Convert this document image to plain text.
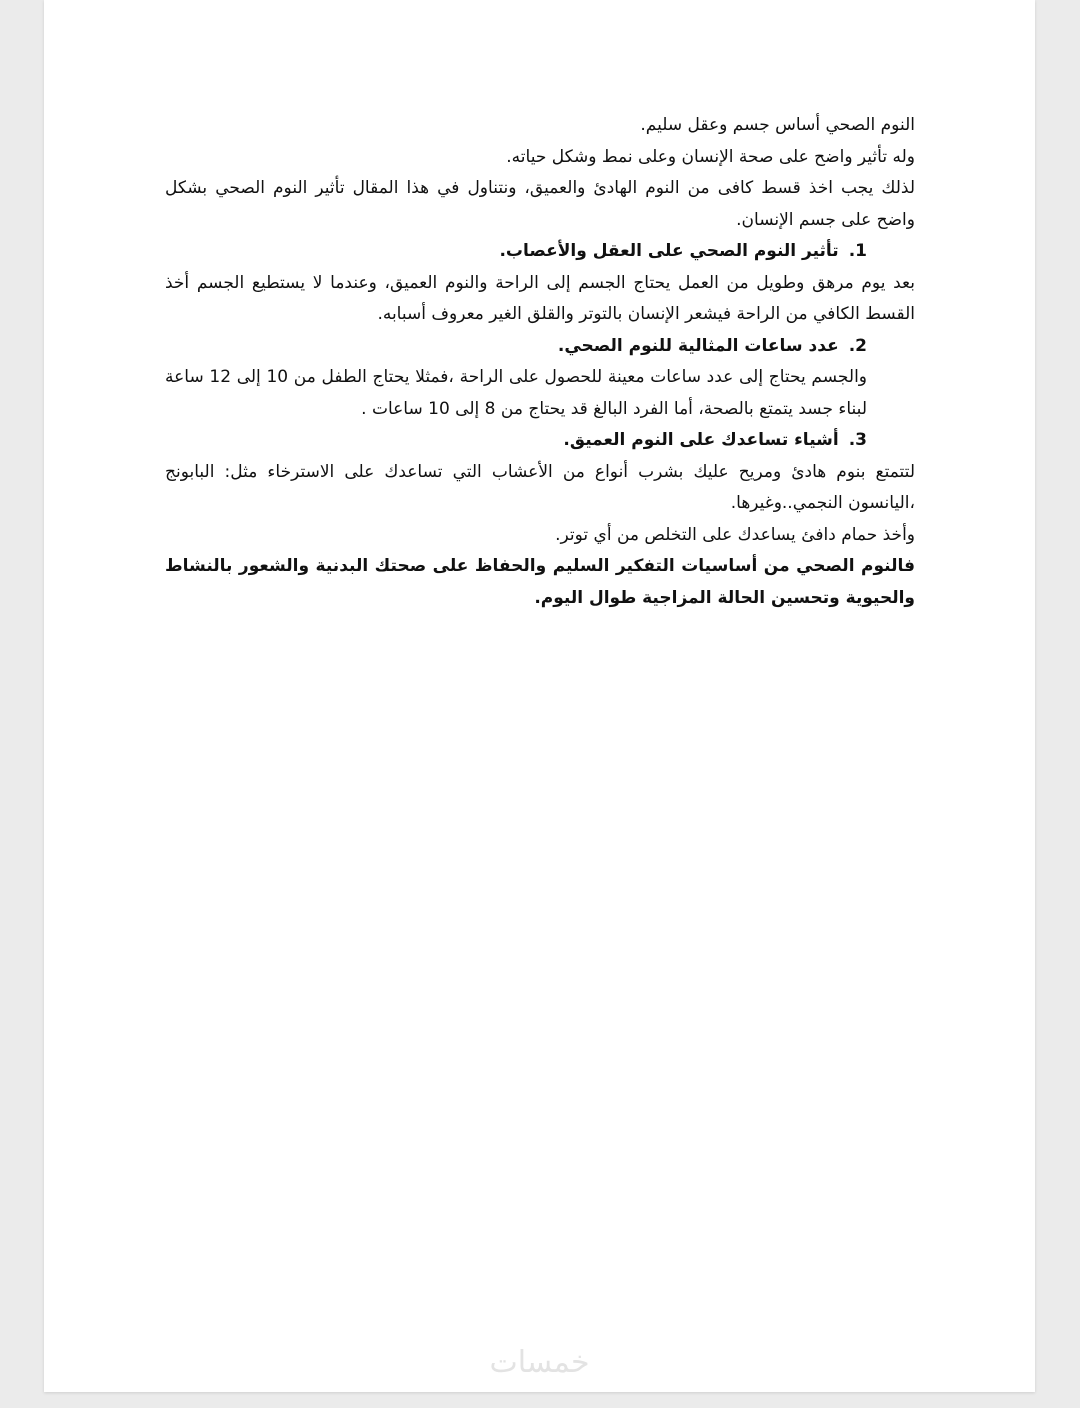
النوم الصحي أساس جسم وعقل سليم.

وله تأثير واضح على صحة الإنسان وعلى نمط وشكل حياته.

لذلك يجب اخذ قسط كافى من النوم الهادئ والعميق، ونتناول في هذا المقال تأثير النوم الصحي بشكل واضح على جسم الإنسان.

1.تأثير النوم الصحي على العقل والأعصاب.

بعد يوم مرهق وطويل من العمل يحتاج الجسم إلى الراحة والنوم العميق، وعندما لا يستطيع الجسم أخذ القسط الكافي من الراحة فيشعر الإنسان بالتوتر والقلق الغير معروف أسبابه.

2.عدد ساعات المثالية للنوم الصحي.

والجسم يحتاج إلى عدد ساعات معينة للحصول على الراحة ،فمثلا يحتاج الطفل من 10 إلى 12 ساعة لبناء جسد يتمتع بالصحة، أما الفرد البالغ قد يحتاج من 8 إلى 10 ساعات .

3.أشياء تساعدك على النوم العميق.

لتتمتع بنوم هادئ ومريح عليك بشرب أنواع من الأعشاب التي تساعدك على الاسترخاء مثل: البابونج ،اليانسون النجمي..وغيرها.

وأخذ حمام دافئ يساعدك على التخلص من أي توتر.

فالنوم الصحي من أساسيات التفكير السليم والحفاظ على صحتك البدنية والشعور بالنشاط والحيوية وتحسين الحالة المزاجية طوال اليوم.

خمسات
